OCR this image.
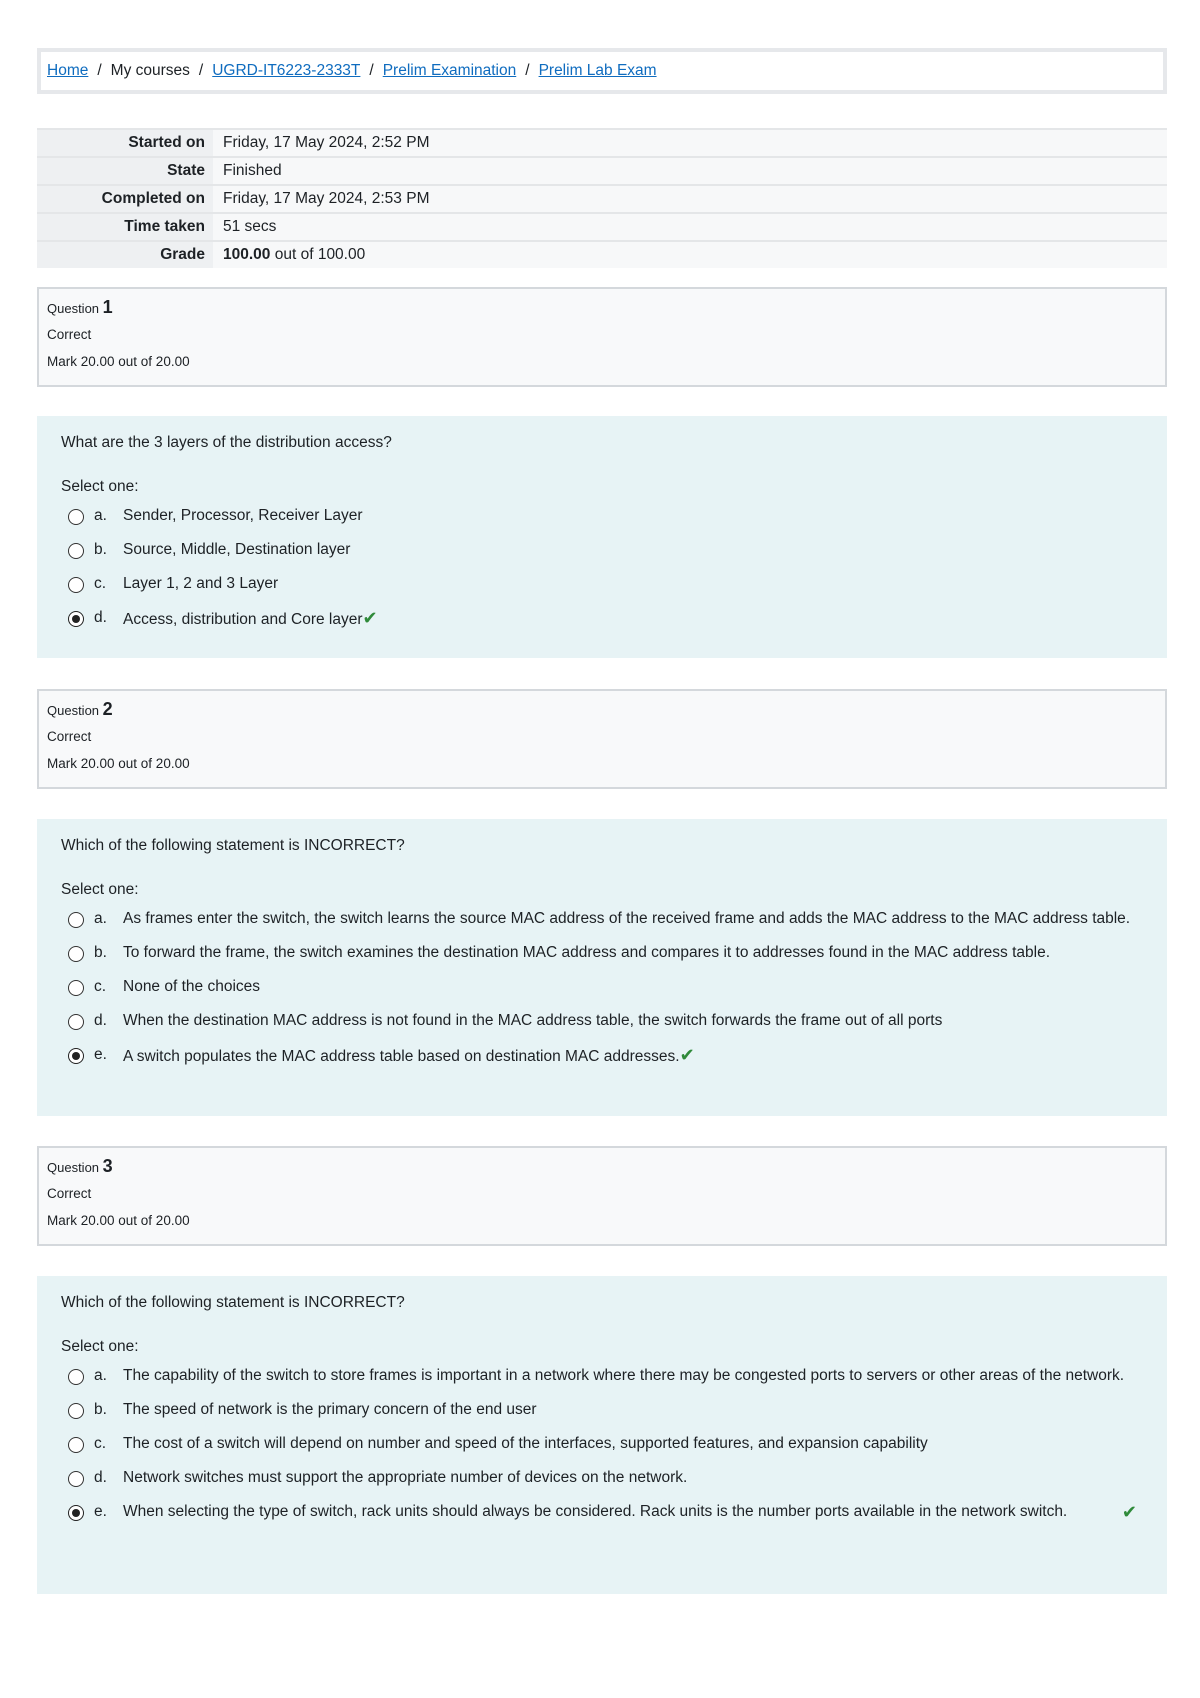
Home / My courses / UGRD-IT6223-2333T / Prelim Examination / Prelim Lab Exam
Started on	Friday, 17 May 2024, 2:52 PM
State	Finished
Completed on	Friday, 17 May 2024, 2:53 PM
Time taken	51 secs
Grade	100.00 out of 100.00
Question 1
Correct
Mark 20.00 out of 20.00
What are the 3 layers of the distribution access?
Select one:
a.	Sender, Processor, Receiver Layer
b.	Source, Middle, Destination layer
c.	Layer 1, 2 and 3 Layer
d.	Access, distribution and Core layer✔
Question 2
Correct
Mark 20.00 out of 20.00
Which of the following statement is INCORRECT?
Select one:
a.	As frames enter the switch, the switch learns the source MAC address of the received frame and adds the MAC address to the MAC address table.
b.	To forward the frame, the switch examines the destination MAC address and compares it to addresses found in the MAC address table.
c.	None of the choices
d.	When the destination MAC address is not found in the MAC address table, the switch forwards the frame out of all ports
e.	A switch populates the MAC address table based on destination MAC addresses.✔
Question 3
Correct
Mark 20.00 out of 20.00
Which of the following statement is INCORRECT?
Select one:
a.	The capability of the switch to store frames is important in a network where there may be congested ports to servers or other areas of the network.
b.	The speed of network is the primary concern of the end user
c.	The cost of a switch will depend on number and speed of the interfaces, supported features, and expansion capability
d.	Network switches must support the appropriate number of devices on the network.
e.	When selecting the type of switch, rack units should always be considered. Rack units is the number ports available in the network switch.	✔
